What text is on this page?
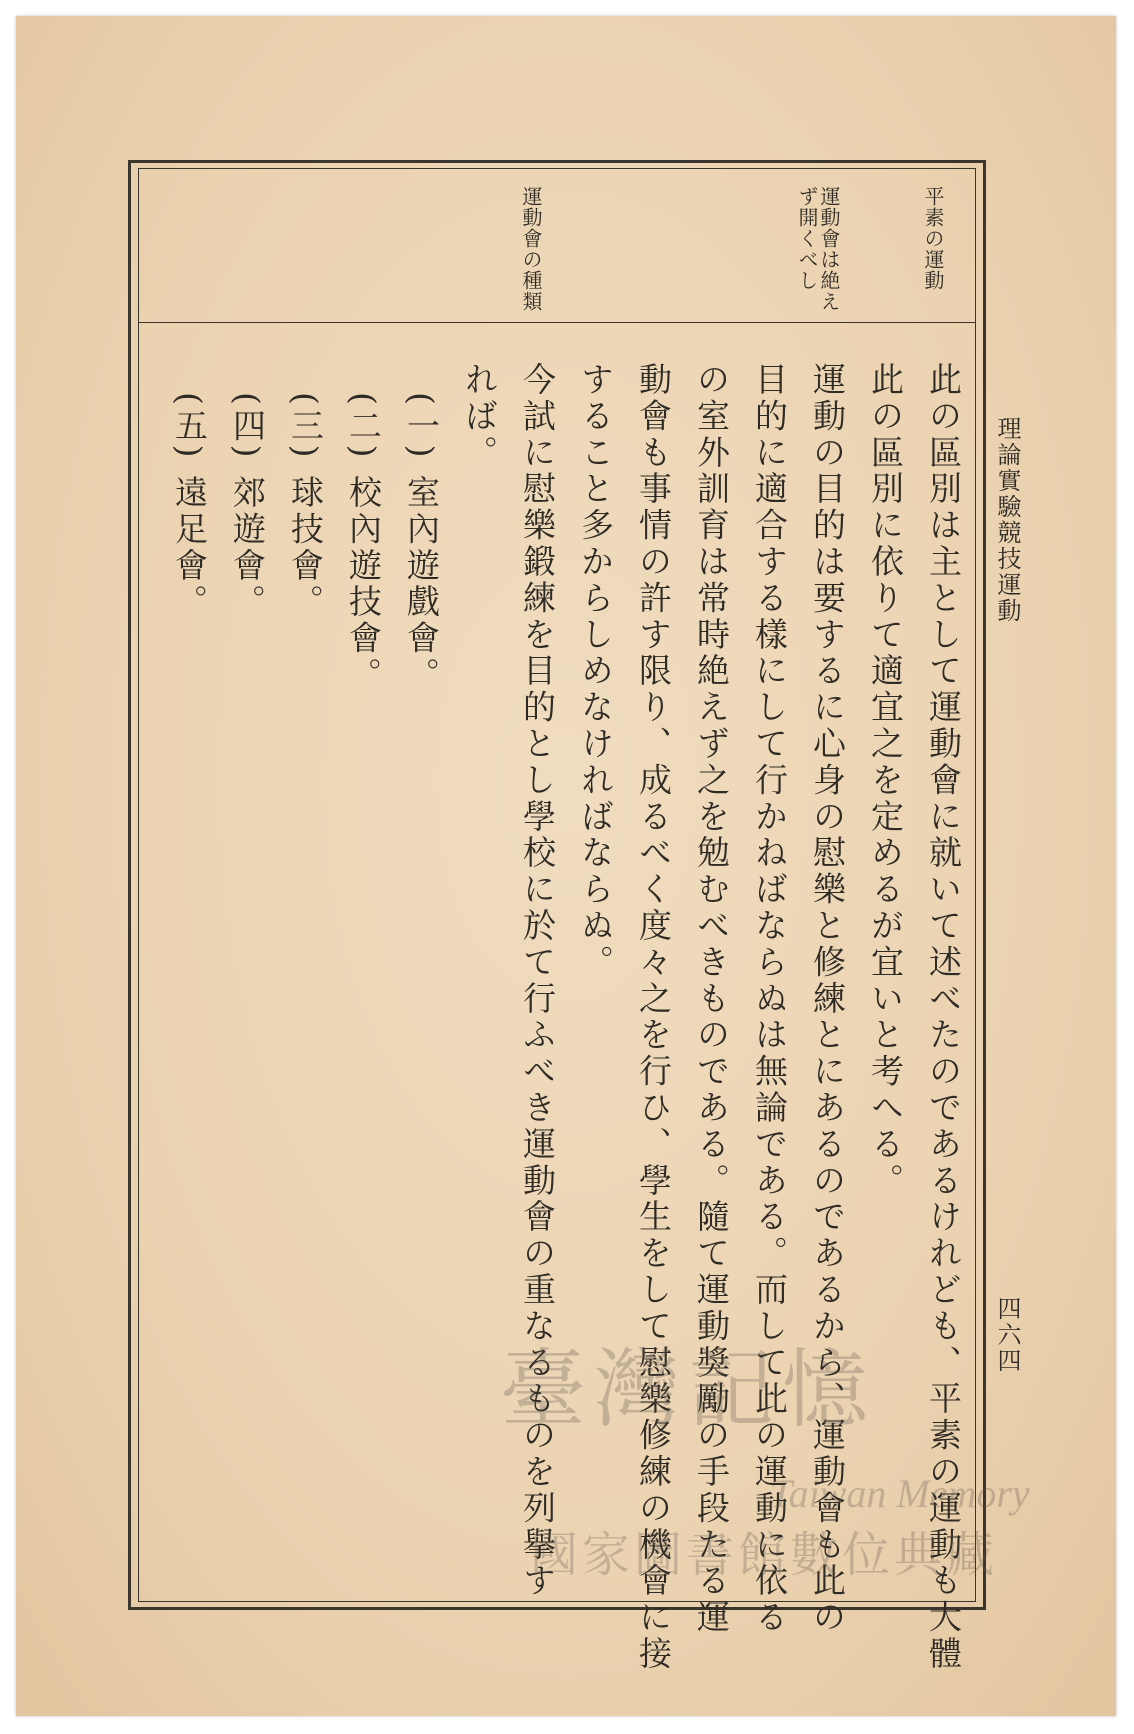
理論實驗競技運動
四六四
平素の運動
運動會は絶えず開くべし
運動會の種類
此の區別は主として運動會に就いて述べたのであるけれども、平素の運動も大體
此の區別に依りて適宜之を定めるが宜いと考へる。
運動の目的は要するに心身の慰樂と修練とにあるのであるから、運動會も此の
目的に適合する樣にして行かねばならぬは無論である。而して此の運動に依る
の室外訓育は常時絶えず之を勉むべきものである。隨て運動獎勵の手段たる運
動會も事情の許す限り、成るべく度々之を行ひ、學生をして慰樂修練の機會に接
すること多からしめなければならぬ。
今試に慰樂鍛練を目的とし學校に於て行ふべき運動會の重なるものを列擧す
れば。
(一)室內遊戲會。
(二)校內遊技會。
(三)球技會。
(四)郊遊會。
(五)遠足會。
臺灣記憶
Taiwan Memory
國家圖書館數位典藏
